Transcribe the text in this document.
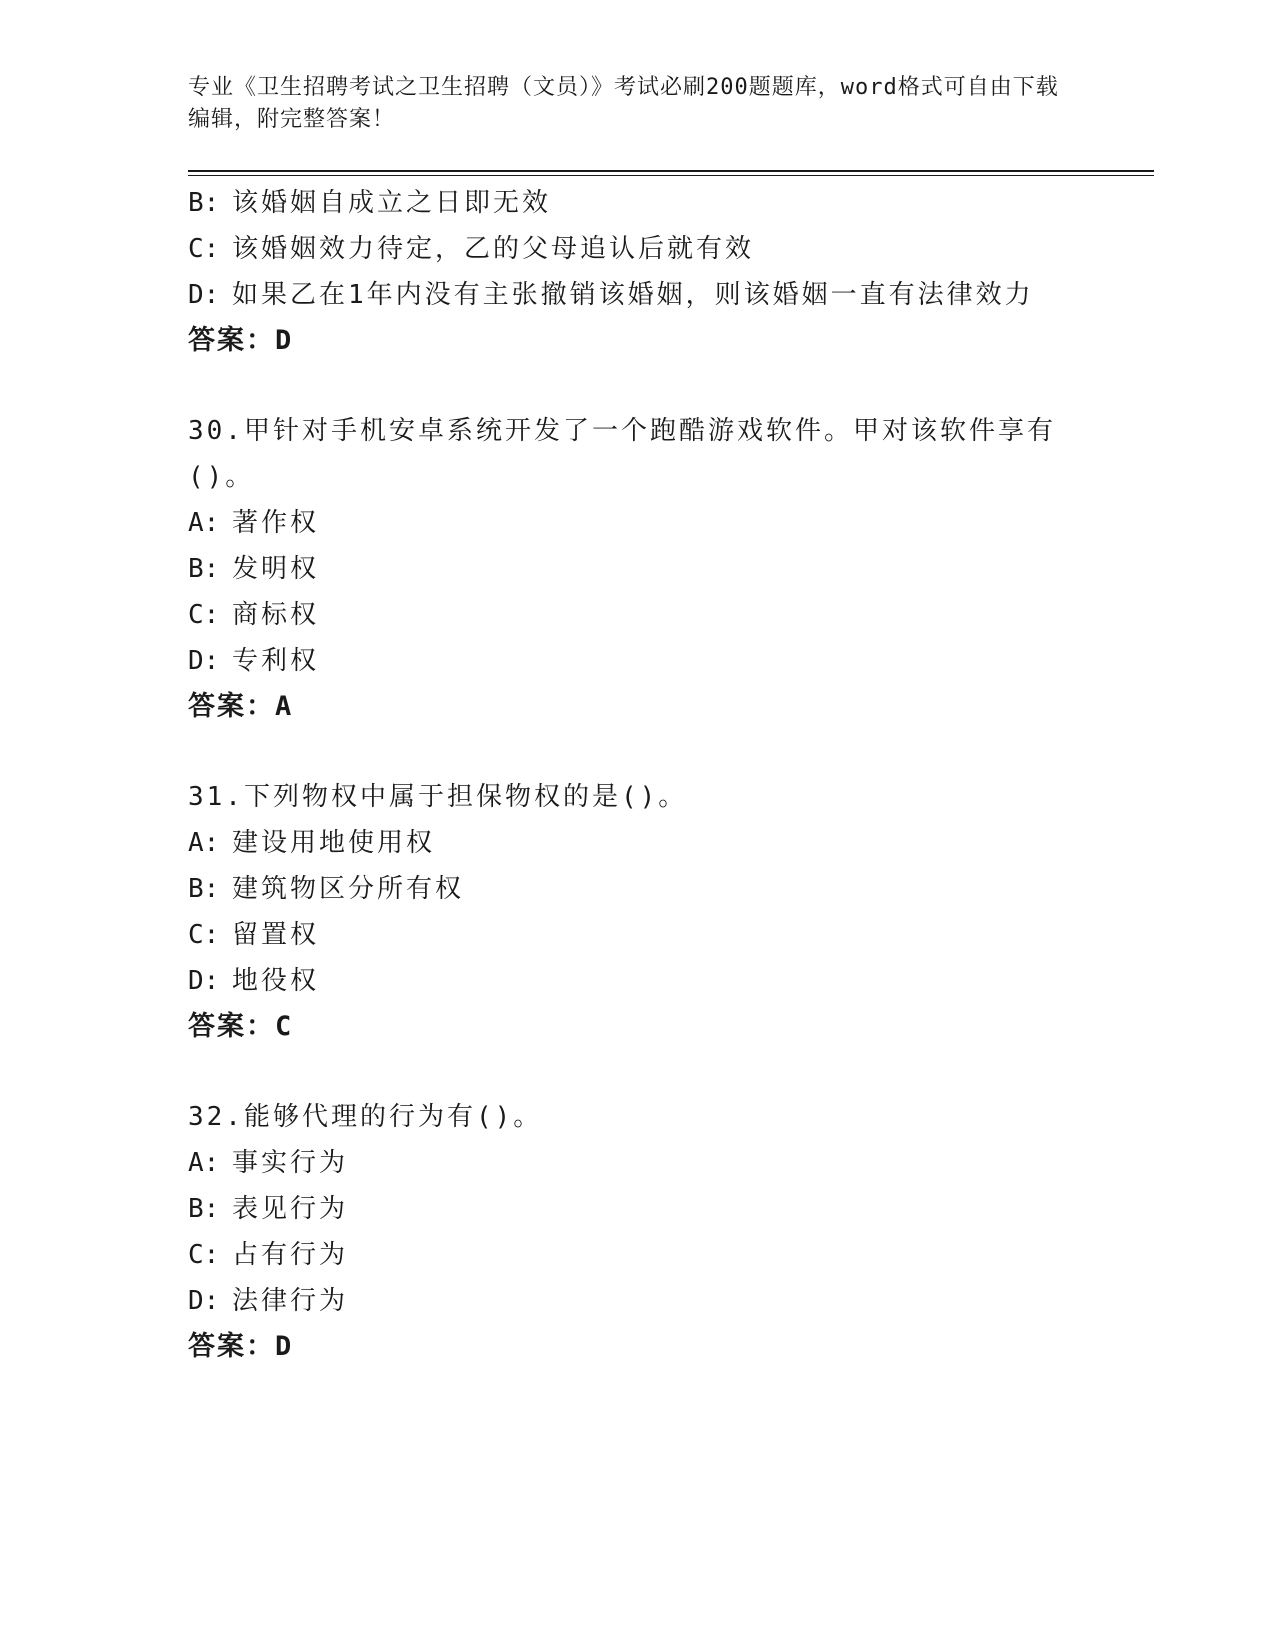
专业《卫生招聘考试之卫生招聘（文员）》考试必刷200题题库，word格式可自由下载编辑，附完整答案！

B: 该婚姻自成立之日即无效

C: 该婚姻效力待定，乙的父母追认后就有效

D: 如果乙在1年内没有主张撤销该婚姻，则该婚姻一直有法律效力

答案：D

30.甲针对手机安卓系统开发了一个跑酷游戏软件。甲对该软件享有()。

A: 著作权

B: 发明权

C: 商标权

D: 专利权

答案：A

31.下列物权中属于担保物权的是()。

A: 建设用地使用权

B: 建筑物区分所有权

C: 留置权

D: 地役权

答案：C

32.能够代理的行为有()。

A: 事实行为

B: 表见行为

C: 占有行为

D: 法律行为

答案：D
